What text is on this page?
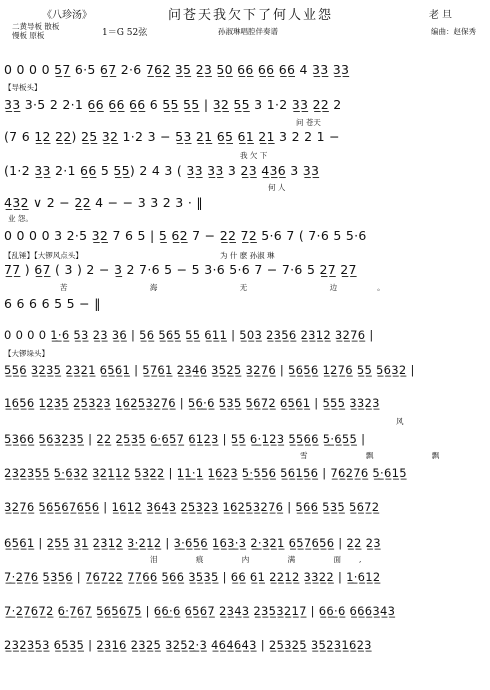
《八珍汤》	问苍天我欠下了何人业怨	老 旦
二黄导板 散板
慢板 原板	1＝G 52弦	孙淑琳唱腔伴奏谱	编曲：赵保秀
0 0 0 0 5̲7̲ 6·5 6̲7̲ 2·6 7̲6̲2̲ 3̲5̲ 2̲3̲ 5̲0̲ 6̲6̲ 6̲6̲ 6̲6̲ 4 3̲3̲ 3̲3̲
【导板头】
3̲3̲ 3·5 2 2·1 6̲6̲ 6̲6̲ 6̲6̲ 6 5̲5̲ 5̲5̲ | 3̲2̲ 5̲5̲ 3 1·2 3̲3̲ 2̲2̲ 2
问 苍天
(7 6 1̲2̲ 2̲2̲) 2̲5̲ 3̲2̲ 1·2 3 − 5̲3̲ 2̲1̲ 6̲5̲ 6̲1̲ 2̲1̲ 3 2 2 1 −
我 欠 下
(1·2 3̲3̲ 2·1 6̲6̲ 5 5̲5̲) 2 4 3 ( 3̲3̲ 3̲3̲ 3 2̲3̲ 4̲3̲6̲ 3 3̲3̲
何 人
4̲3̲2̲ ∨ 2 − 2̲2̲ 4 − − 3 3 2 3 · ‖
业 怨。
0 0 0 0 3 2·5 3̲2̲ 7 6 5 | 5̲ 6̲2̲ 7 − 2̲2̲ 7̲2̲ 5·6 7 ( 7·6 5 5·6
【乱锤】【大锣风点头】	为 什 麽 孙淑 琳
7̲7̲ ) 6̲7̲ ( 3 ) 2 − 3̲ 2 7·6 5 − 5 3·6 5·6 7 − 7·6 5 2̲7̲ 2̲7̲
苦 海 无 边。
6 6 6 6 5 5 − ‖
0 0 0 0 1̲·̲6̲ 5̲3̲ 2̲3̲ 3̲6̲ | 5̲6̲ 5̲6̲5̲ 5̲5̲ 6̲1̲1̲ | 5̲0̲3̲ 2̲3̲5̲6̲ 2̲3̲1̲2̲ 3̲2̲7̲6̲ |
【大锣垛头】
5̲5̲6̲ 3̲2̲3̲5̲ 2̲3̲2̲1̲ 6̲5̲6̲1̲ | 5̲7̲6̲1̲ 2̲3̲4̲6̲ 3̲5̲2̲5̲ 3̲2̲7̲6̲ | 5̲6̲5̲6̲ 1̲2̲7̲6̲ 5̲5̲ 5̲6̲3̲2̲ |
1̲6̲5̲6̲ 1̲2̲3̲5̲ 2̲5̲3̲2̲3̲ 1̲6̲2̲5̲3̲2̲7̲6̲ | 5̲6̲·̲6̲ 5̲3̲5̲ 5̲6̲7̲2̲ 6̲5̲6̲1̲ | 5̲5̲5̲ 3̲3̲2̲3̲
风
5̲3̲6̲6̲ 5̲6̲3̲2̲3̲5̲ | 2̲2̲ 2̲5̲3̲5̲ 6̲·̲6̲5̲7̲ 6̲1̲2̲3̲ | 5̲5̲ 6̲·̲1̲2̲3̲ 5̲5̲6̲6̲ 5̲·̲6̲5̲5̲ |
雪 飘 飘
2̲3̲2̲3̲5̲5̲ 5̲·̲6̲3̲2̲ 3̲2̲1̲1̲2̲ 5̲3̲2̲2̲ | 1̲1̲·̲1̲ 1̲6̲2̲3̲ 5̲·̲5̲5̲6̲ 5̲6̲1̲5̲6̲ | 7̲6̲2̲7̲6̲ 5̲·̲6̲1̲5̲
3̲2̲7̲6̲ 5̲6̲5̲6̲7̲6̲5̲6̲ | 1̲6̲1̲2̲ 3̲6̲4̲3̲ 2̲5̲3̲2̲3̲ 1̲6̲2̲5̲3̲2̲7̲6̲ | 5̲6̲6̲ 5̲3̲5̲ 5̲6̲7̲2̲
6̲5̲6̲1̲ | 2̲5̲5̲ 3̲1̲ 2̲3̲1̲2̲ 3̲·̲2̲1̲2̲ | 3̲·̲6̲5̲6̲ 1̲6̲3̲·̲3̲ 2̲·̲3̲2̲1̲ 6̲5̲7̲6̲5̲6̲ | 2̲2̲ 2̲3̲
泪 痕 内 满 面,
7̲·̲2̲7̲6̲ 5̲3̲5̲6̲ | 7̲6̲7̲2̲2̲ 7̲7̲6̲6̲ 5̲6̲6̲ 3̲5̲3̲5̲ | 6̲6̲ 6̲1̲ 2̲2̲1̲2̲ 3̲3̲2̲2̲ | 1̲·̲6̲1̲2̲
7̲·̲2̲7̲6̲7̲2̲ 6̲·̲7̲6̲7̲ 5̲6̲5̲6̲7̲5̲ | 6̲6̲·̲6̲ 6̲5̲6̲7̲ 2̲3̲4̲3̲ 2̲3̲5̲3̲2̲1̲7̲ | 6̲6̲·̲6̲ 6̲6̲6̲3̲4̲3̲
2̲3̲2̲3̲5̲3̲ 6̲5̲3̲5̲ | 2̲3̲1̲6̲ 2̲3̲2̲5̲ 3̲2̲5̲2̲·̲3̲ 4̲6̲4̲6̲4̲3̲ | 2̲5̲3̲2̲5̲ 3̲5̲2̲3̲1̲6̲2̲3̲
